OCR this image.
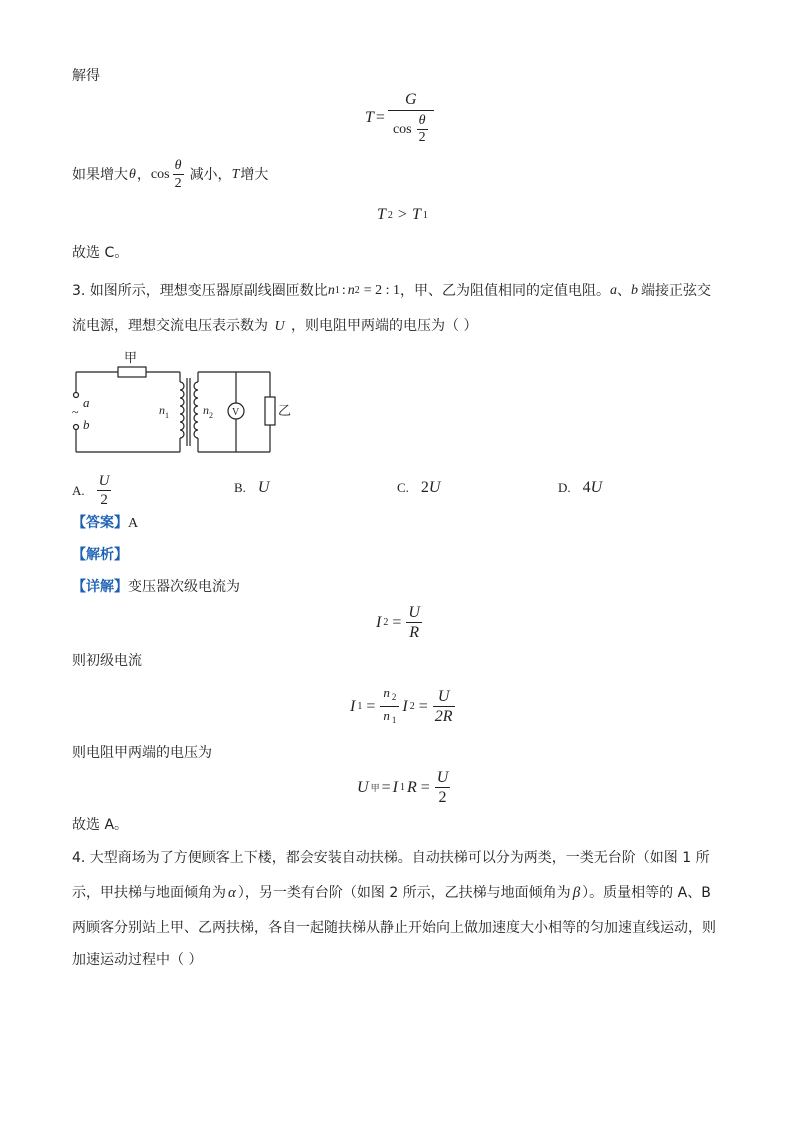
解得
$T = \frac{G}{\cos \frac{\theta}{2}}$
如果增大 θ ， $\cos \frac{\theta}{2}$ 减小， T 增大
T 2 > T 1
故选 C。
3. 如图所示，理想变压器原副线圈匝数比 n 1 : n 2 = 2 : 1 ，甲、乙为阻值相同的定值电阻。 a 、 b 端接正弦交
流电源，理想交流电压表示数为 U ，则电阻甲两端的电压为（ ）
甲
乙
a
b
~	n 1	n 2 V
A. $\frac{U}{2}$	B. U	C. 2 U	D. 4 U
【答案】A
【解析】
【详解】变压器次级电流为
I $2 = \frac{U}{R}$
则初级电流
I $1 = \frac{n _2}{n _1}$ I $2 = \frac{U}{2R}$
则电阻甲两端的电压为
U 甲 = I 1 $R = \frac{U}{2}$
故选 A。
4. 大型商场为了方便顾客上下楼，都会安装自动扶梯。自动扶梯可以分为两类，一类无台阶（如图 1 所
示，甲扶梯与地面倾角为 α ），另一类有台阶（如图 2 所示，乙扶梯与地面倾角为 β ）。质量相等的 A、B
两顾客分别站上甲、乙两扶梯，各自一起随扶梯从静止开始向上做加速度大小相等的匀加速直线运动，则
加速运动过程中（ ）
